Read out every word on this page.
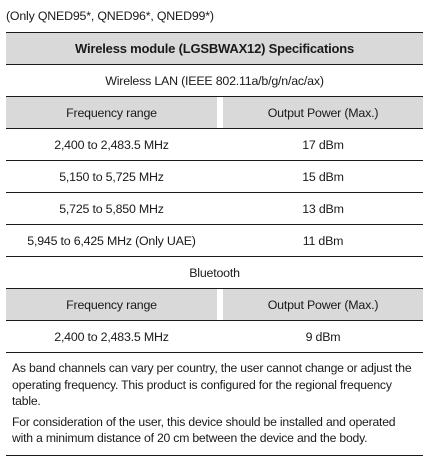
(Only QNED95*, QNED96*, QNED99*)
Wireless module (LGSBWAX12) Specifications
Wireless LAN (IEEE 802.11a/b/g/n/ac/ax)
Frequency range	Output Power (Max.)
2,400 to 2,483.5 MHz	17 dBm
5,150 to 5,725 MHz	15 dBm
5,725 to 5,850 MHz	13 dBm
5,945 to 6,425 MHz (Only UAE)	11 dBm
Bluetooth
Frequency range	Output Power (Max.)
2,400 to 2,483.5 MHz	9 dBm

As band channels can vary per country, the user cannot change or adjust the operating frequency. This product is configured for the regional frequency table.

For consideration of the user, this device should be installed and operated with a minimum distance of 20 cm between the device and the body.
